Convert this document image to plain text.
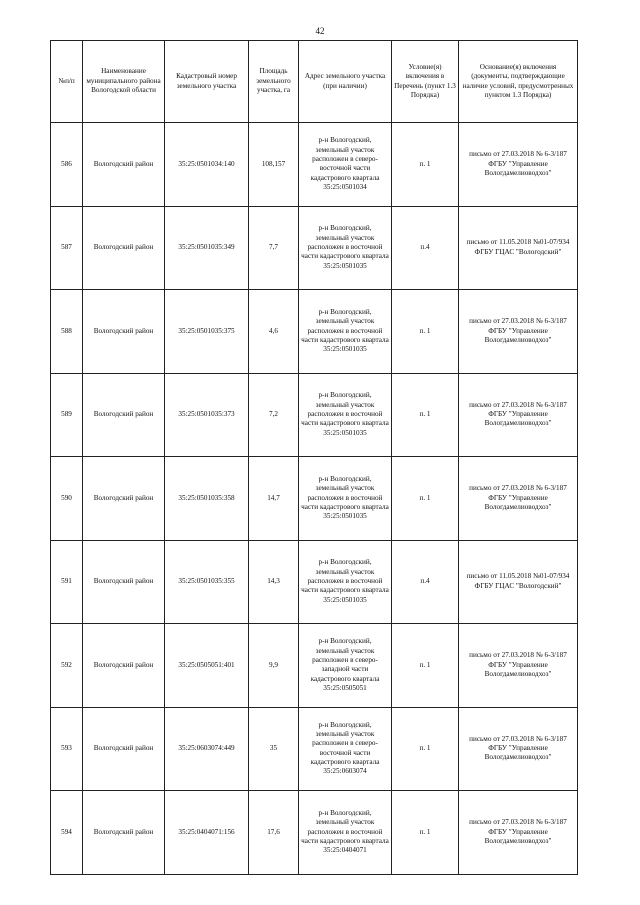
42
№п/п	Наименование муниципального района Вологодской области	Кадастровый номер земельного участка	Площадь земельного участка, га	Адрес земельного участка (при наличии)	Условие(я) включения в Перечень (пункт 1.3 Порядка)	Основание(я) включения (документы, подтверждающие наличие условий, предусмотренных пунктом 1.3 Порядка)
586	Вологодский район	35:25:0501034:140	108,157	р-н Вологодский, земельный участок расположен в северо-восточной части кадастрового квартала 35:25:0501034	п. 1	письмо от 27.03.2018 № 6-3/187 ФГБУ "Управление Вологдамелиоводхоз"
587	Вологодский район	35:25:0501035:349	7,7	р-н Вологодский, земельный участок расположен в восточной части кадастрового квартала 35:25:0501035	п.4	письмо от 11.05.2018 №01-07/934 ФГБУ ГЦАС "Вологодский"
588	Вологодский район	35:25:0501035:375	4,6	р-н Вологодский, земельный участок расположен в восточной части кадастрового квартала 35:25:0501035	п. 1	письмо от 27.03.2018 № 6-3/187 ФГБУ "Управление Вологдамелиоводхоз"
589	Вологодский район	35:25:0501035:373	7,2	р-н Вологодский, земельный участок расположен в восточной части кадастрового квартала 35:25:0501035	п. 1	письмо от 27.03.2018 № 6-3/187 ФГБУ "Управление Вологдамелиоводхоз"
590	Вологодский район	35:25:0501035:358	14,7	р-н Вологодский, земельный участок расположен в восточной части кадастрового квартала 35:25:0501035	п. 1	письмо от 27.03.2018 № 6-3/187 ФГБУ "Управление Вологдамелиоводхоз"
591	Вологодский район	35:25:0501035:355	14,3	р-н Вологодский, земельный участок расположен в восточной части кадастрового квартала 35:25:0501035	п.4	письмо от 11.05.2018 №01-07/934 ФГБУ ГЦАС "Вологодский"
592	Вологодский район	35:25:0505051:401	9,9	р-н Вологодский, земельный участок расположен в северо-западной части кадастрового квартала 35:25:0505051	п. 1	письмо от 27.03.2018 № 6-3/187 ФГБУ "Управление Вологдамелиоводхоз"
593	Вологодский район	35:25:0603074:449	35	р-н Вологодский, земельный участок расположен в северо-восточной части кадастрового квартала 35:25:0603074	п. 1	письмо от 27.03.2018 № 6-3/187 ФГБУ "Управление Вологдамелиоводхоз"
594	Вологодский район	35:25:0404071:156	17,6	р-н Вологодский, земельный участок расположен в восточной части кадастрового квартала 35:25:0404071	п. 1	письмо от 27.03.2018 № 6-3/187 ФГБУ "Управление Вологдамелиоводхоз"
